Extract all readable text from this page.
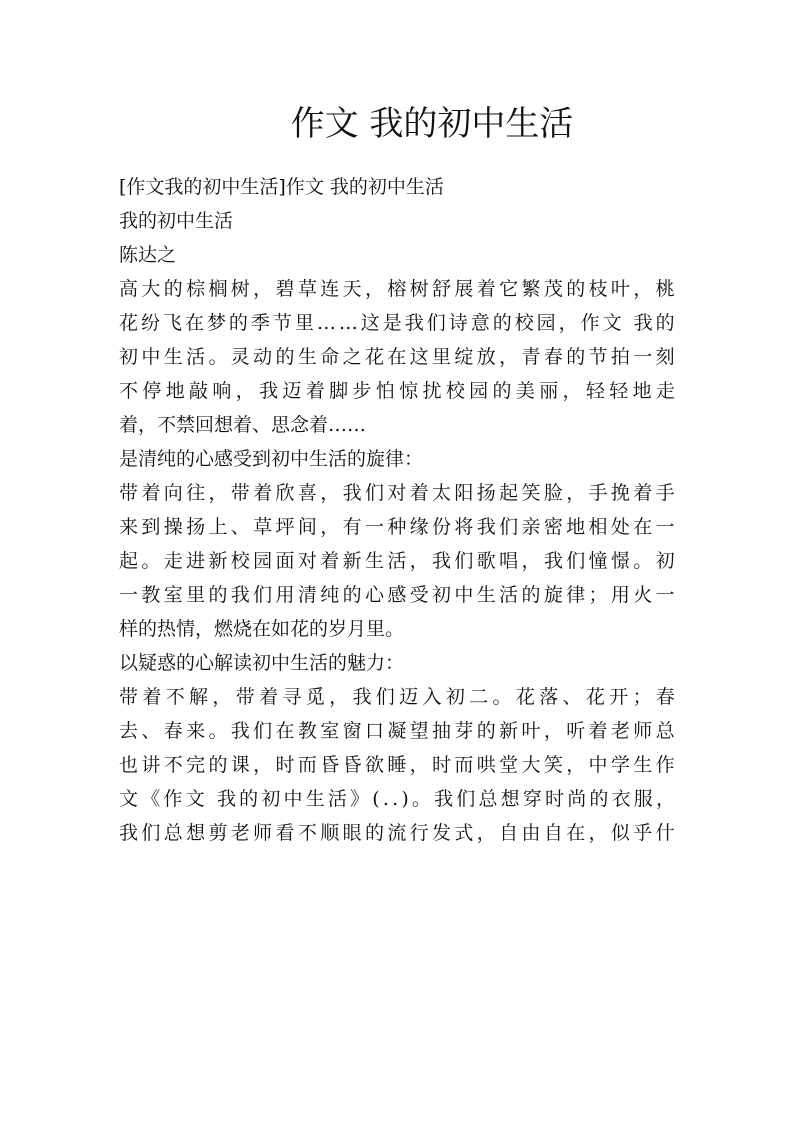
作文 我的初中生活

[作文我的初中生活]作文 我的初中生活

我的初中生活

陈达之

高 大 的 棕 榈 树 ， 碧 草 连 天 ， 榕 树 舒 展 着 它 繁 茂 的 枝 叶 ， 桃

花 纷 飞 在 梦 的 季 节 里 … … 这 是 我 们 诗 意 的 校 园 ， 作 文
我 的

初 中 生 活 。 灵 动 的 生 命 之 花 在 这 里 绽 放 ， 青 春 的 节 拍 一 刻

不 停 地 敲 响 ， 我 迈 着 脚 步 怕 惊 扰 校 园 的 美 丽 ， 轻 轻 地 走

着，不禁回想着、思念着……

是清纯的心感受到初中生活的旋律：

带 着 向 往 ， 带 着 欣 喜 ， 我 们 对 着 太 阳 扬 起 笑 脸 ， 手 挽 着 手

来 到 操 扬 上 、 草 坪 间 ， 有 一 种 缘 份 将 我 们 亲 密 地 相 处 在 一

起 。 走 进 新 校 园 面 对 着 新 生 活 ， 我 们 歌 唱 ， 我 们 憧 憬 。 初

一 教 室 里 的 我 们 用 清 纯 的 心 感 受 初 中 生 活 的 旋 律 ； 用 火 一

样的热情，燃烧在如花的岁月里。

以疑惑的心解读初中生活的魅力：

带 着 不 解 ， 带 着 寻 觅 ， 我 们 迈 入 初 二 。 花 落 、 花 开 ； 春

去 、 春 来 。 我 们 在 教 室 窗 口 凝 望 抽 芽 的 新 叶 ， 听 着 老 师 总

也 讲 不 完 的 课 ， 时 而 昏 昏 欲 睡 ， 时 而 哄 堂 大 笑 ， 中 学 生 作

文 《 作 文
我 的 初 中 生 活 》 ( . . ) 。 我 们 总 想 穿 时 尚 的 衣 服 ，

我 们 总 想 剪 老 师 看 不 顺 眼 的 流 行 发 式 ， 自 由 自 在 ， 似 乎 什
